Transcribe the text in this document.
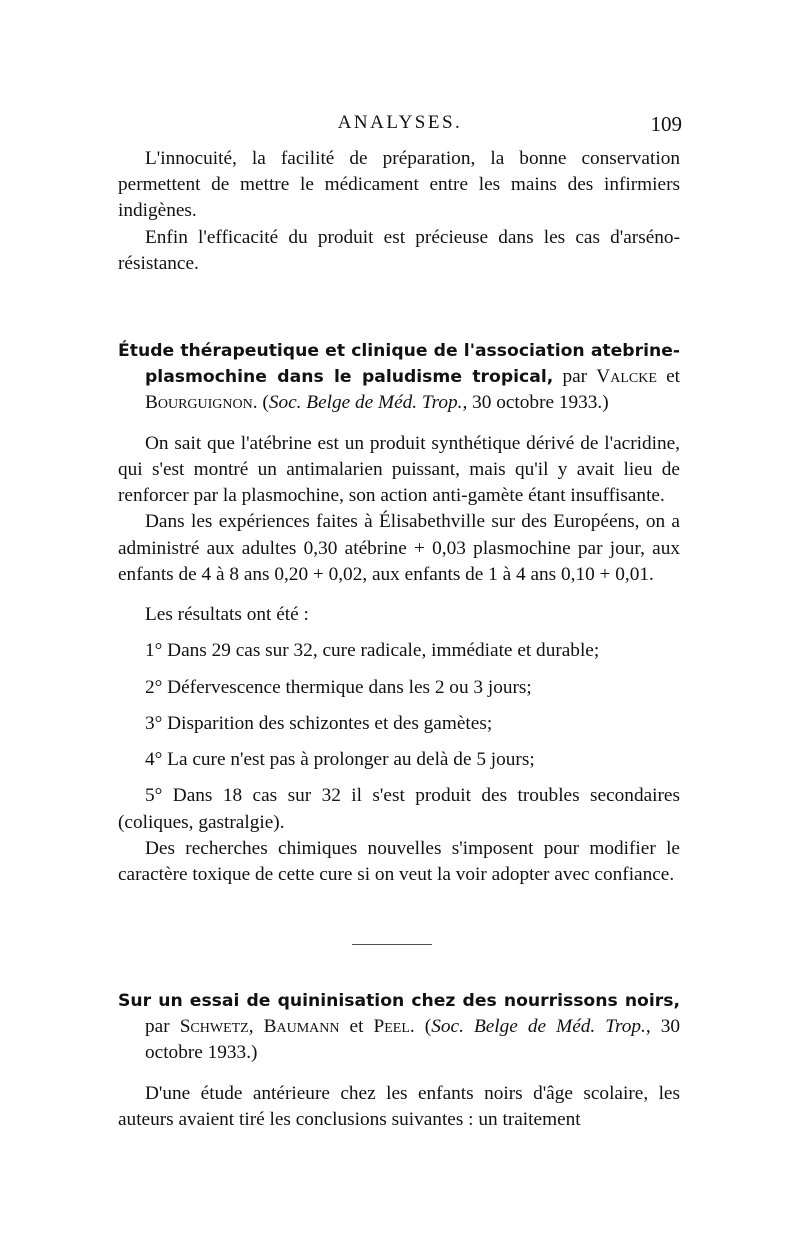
ANALYSES.	109

L'innocuité, la facilité de préparation, la bonne conservation permettent de mettre le médicament entre les mains des infirmiers indigènes.

Enfin l'efficacité du produit est précieuse dans les cas d'arséno-résistance.

Étude thérapeutique et clinique de l'association atebrine-plasmochine dans le paludisme tropical, par Valcke et Bourguignon. (Soc. Belge de Méd. Trop., 30 octobre 1933.)

On sait que l'atébrine est un produit synthétique dérivé de l'acridine, qui s'est montré un antimalarien puissant, mais qu'il y avait lieu de renforcer par la plasmochine, son action anti-gamète étant insuffisante.

Dans les expériences faites à Élisabethville sur des Européens, on a administré aux adultes 0,30 atébrine + 0,03 plasmochine par jour, aux enfants de 4 à 8 ans 0,20 + 0,02, aux enfants de 1 à 4 ans 0,10 + 0,01.

Les résultats ont été :

1° Dans 29 cas sur 32, cure radicale, immédiate et durable;

2° Défervescence thermique dans les 2 ou 3 jours;

3° Disparition des schizontes et des gamètes;

4° La cure n'est pas à prolonger au delà de 5 jours;

5° Dans 18 cas sur 32 il s'est produit des troubles secondaires (coliques, gastralgie).

Des recherches chimiques nouvelles s'imposent pour modifier le caractère toxique de cette cure si on veut la voir adopter avec confiance.

Sur un essai de quininisation chez des nourrissons noirs, par Schwetz, Baumann et Peel. (Soc. Belge de Méd. Trop., 30 octobre 1933.)

D'une étude antérieure chez les enfants noirs d'âge scolaire, les auteurs avaient tiré les conclusions suivantes : un traitement
